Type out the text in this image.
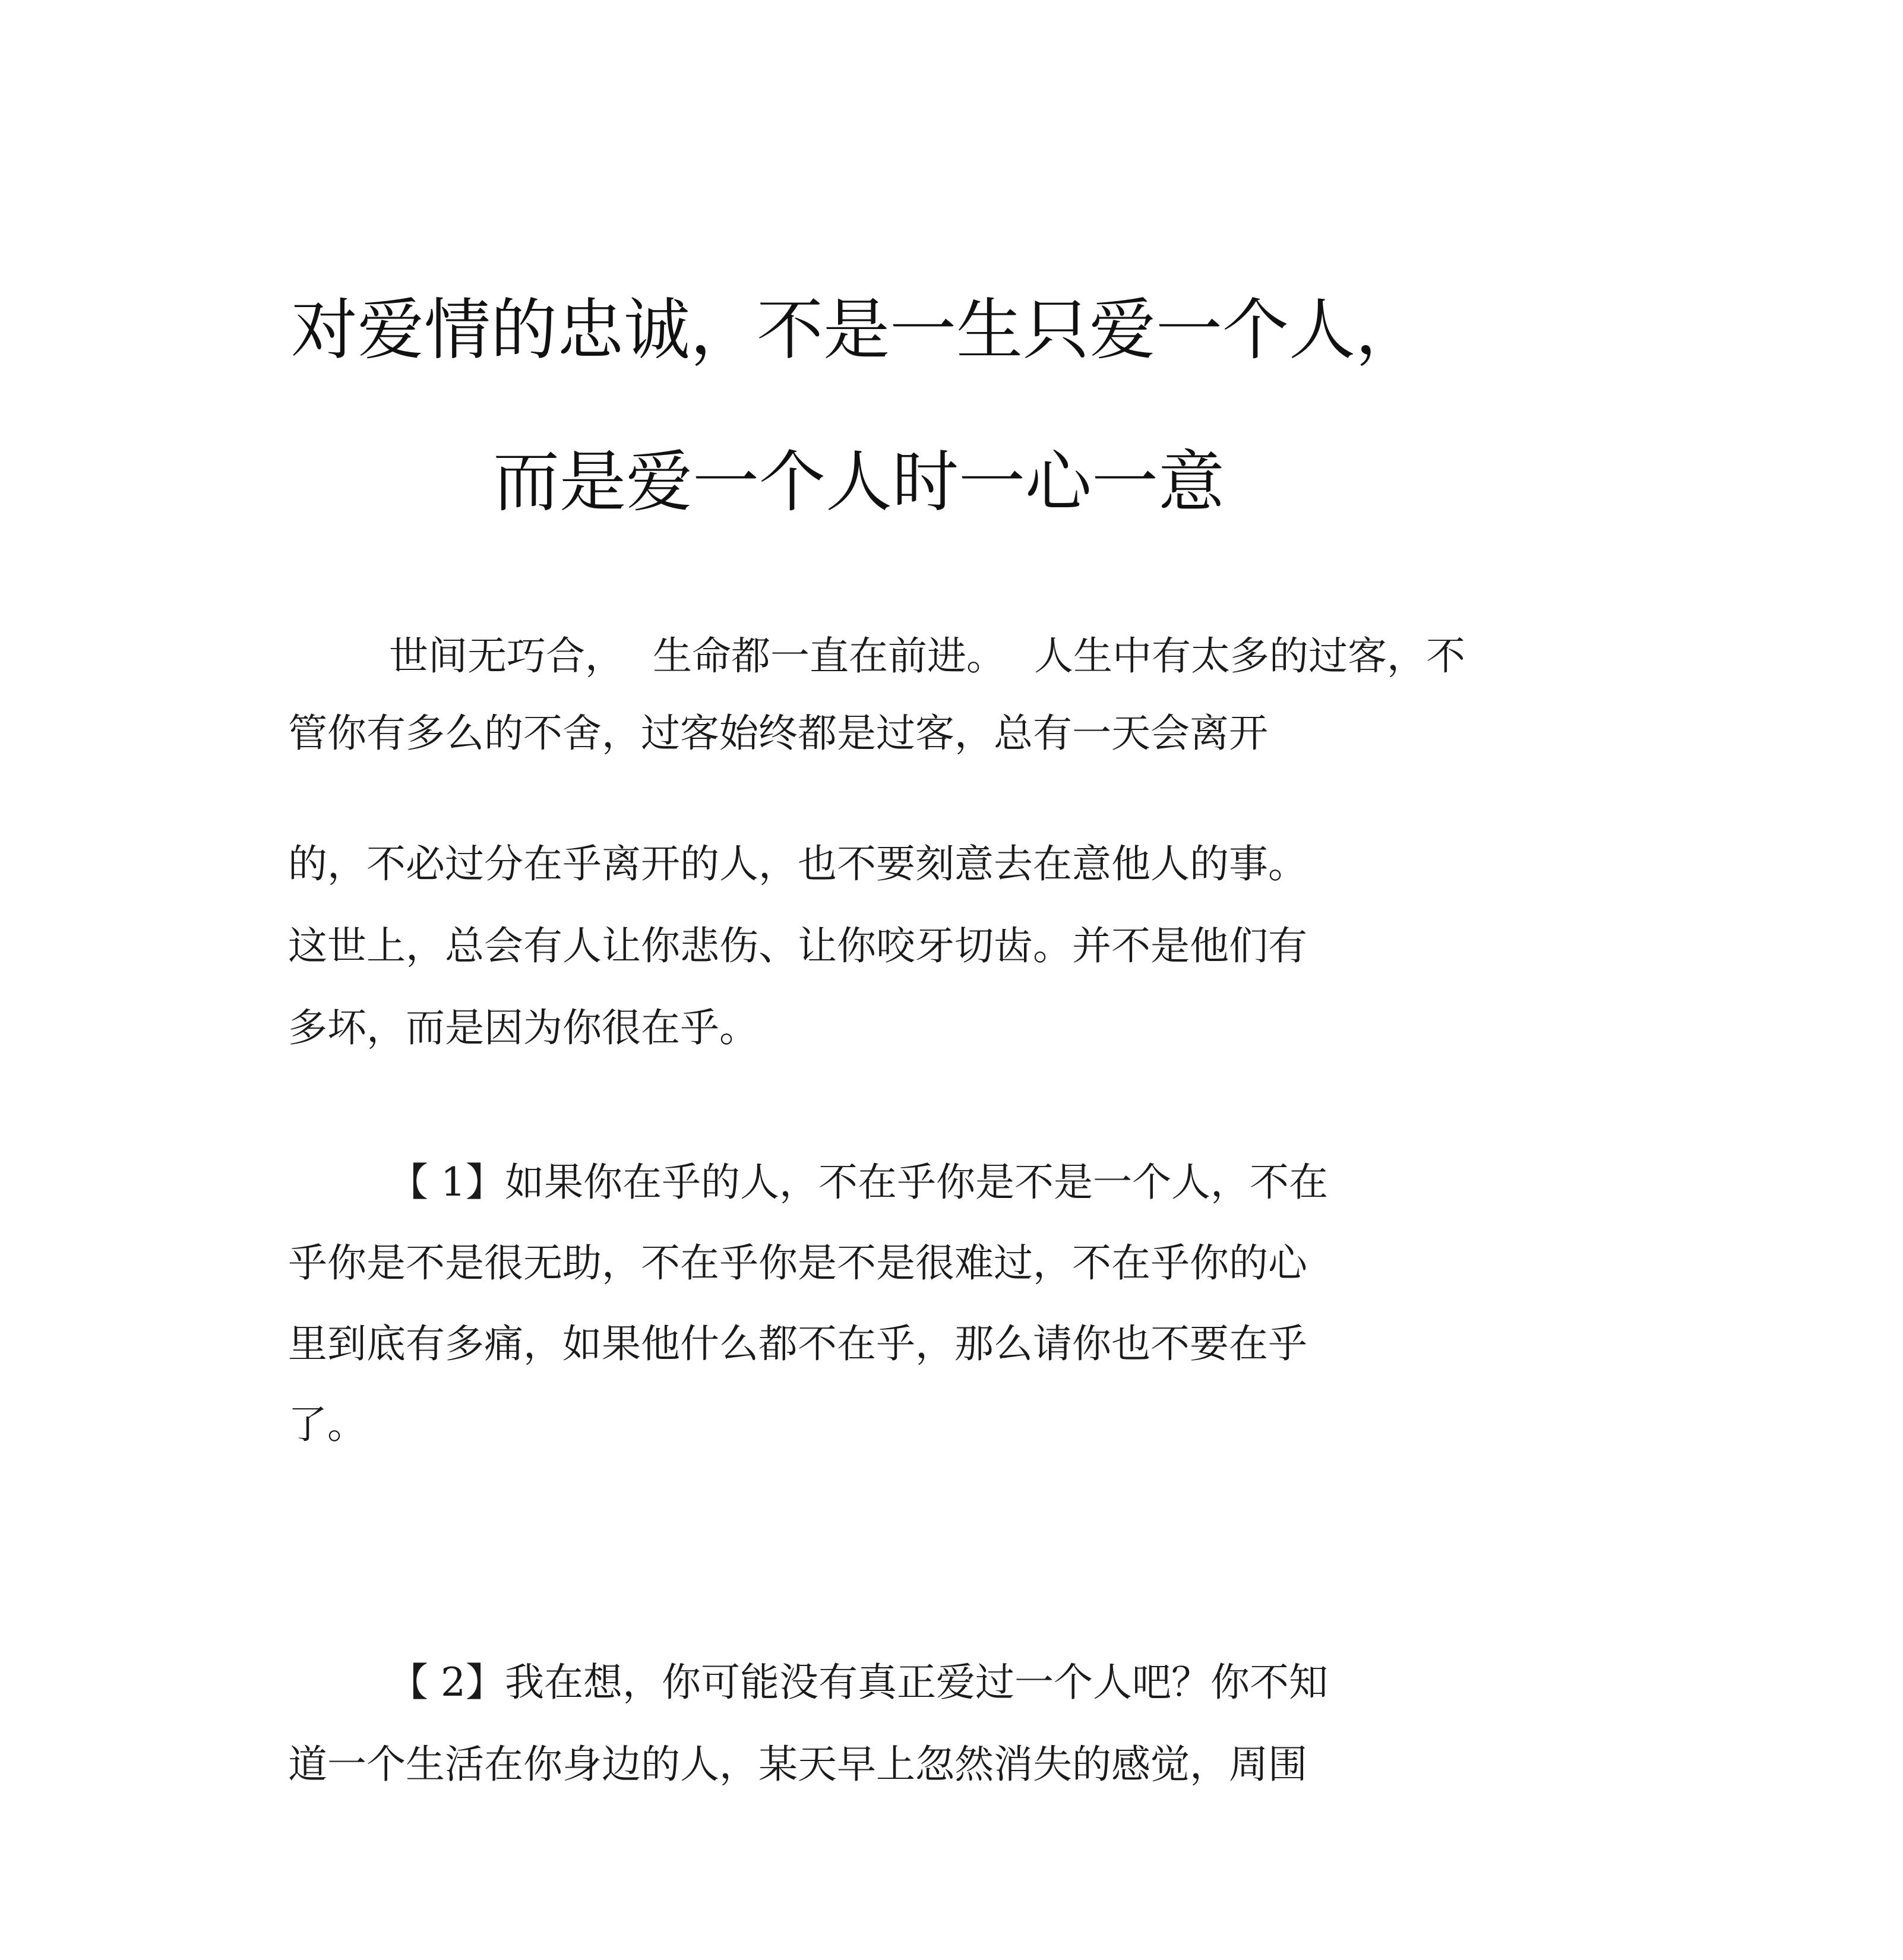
对爱情的忠诚，不是一生只爱一个人，
而是爱一个人时一心一意
世间无巧合， 生命都一直在前进。 人生中有太多的过客，不
管你有多么的不舍，过客始终都是过客，总有一天会离开
的，不必过分在乎离开的人，也不要刻意去在意他人的事。
这世上，总会有人让你悲伤、让你咬牙切齿。并不是他们有
多坏，而是因为你很在乎。
【 1】如果你在乎的人，不在乎你是不是一个人，不在
乎你是不是很无助，不在乎你是不是很难过，不在乎你的心
里到底有多痛，如果他什么都不在乎，那么请你也不要在乎
了。
【 2】我在想，你可能没有真正爱过一个人吧？你不知
道一个生活在你身边的人，某天早上忽然消失的感觉，周围
